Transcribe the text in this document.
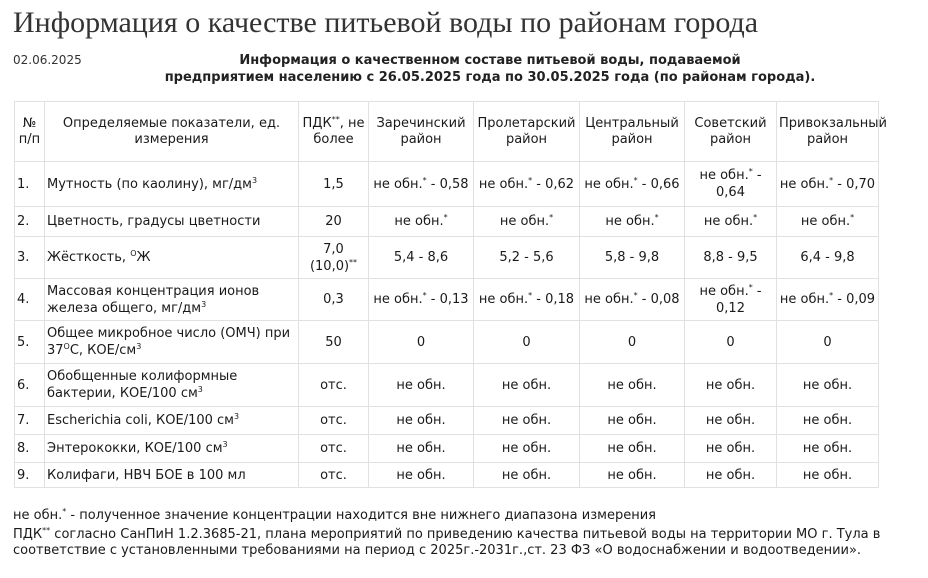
Информация о качестве питьевой воды по районам города
02.06.2025	Информация о качественном составе питьевой воды, подаваемой
предприятием населению с 26.05.2025 года по 30.05.2025 года (по районам города).
№ п/п	Определяемые показатели, ед. измерения	ПДК**, не более	Заречинский район	Пролетарский район	Центральный район	Советский район	Привокзальный район
1.	Мутность (по каолину), $мг/дм^3$	1,5	не обн.* - 0,58	не обн.* - 0,62	не обн.* - 0,66	не обн.* - 0,64	не обн.* - 0,70
2.	Цветность, градусы цветности	20	не обн.*	не обн.*	не обн.*	не обн.*	не обн.*
3.	Жёсткость, $^О$Ж	7,0 (10,0)**	5,4 - 8,6	5,2 - 5,6	5,8 - 9,8	8,8 - 9,5	6,4 - 9,8
4.	Массовая концентрация ионов железа общего, $мг/дм^3$	0,3	не обн.* - 0,13	не обн.* - 0,18	не обн.* - 0,08	не обн.* - 0,12	не обн.* - 0,09
5.	Общее микробное число (ОМЧ) при $37^ОС$, КОЕ/$см^3$	50	0	0	0	0	0
6.	Обобщенные колиформные бактерии, КОЕ/100 $см^3$	отс.	не обн.	не обн.	не обн.	не обн.	не обн.
7.	Escherichia coli, КОЕ/100 $см^3$	отс.	не обн.	не обн.	не обн.	не обн.	не обн.
8.	Энтерококки, КОЕ/100 $см^3$	отс.	не обн.	не обн.	не обн.	не обн.	не обн.
9.	Колифаги, НВЧ БОЕ в 100 мл	отс.	не обн.	не обн.	не обн.	не обн.	не обн.

не обн.* - полученное значение концентрации находится вне нижнего диапазона измерения

ПДК** согласно СанПиН 1.2.3685-21, плана мероприятий по приведению качества питьевой воды на территории МО г. Тула в соответствие с установленными требованиями на период с 2025г.-2031г.,ст. 23 ФЗ «О водоснабжении и водоотведении».
